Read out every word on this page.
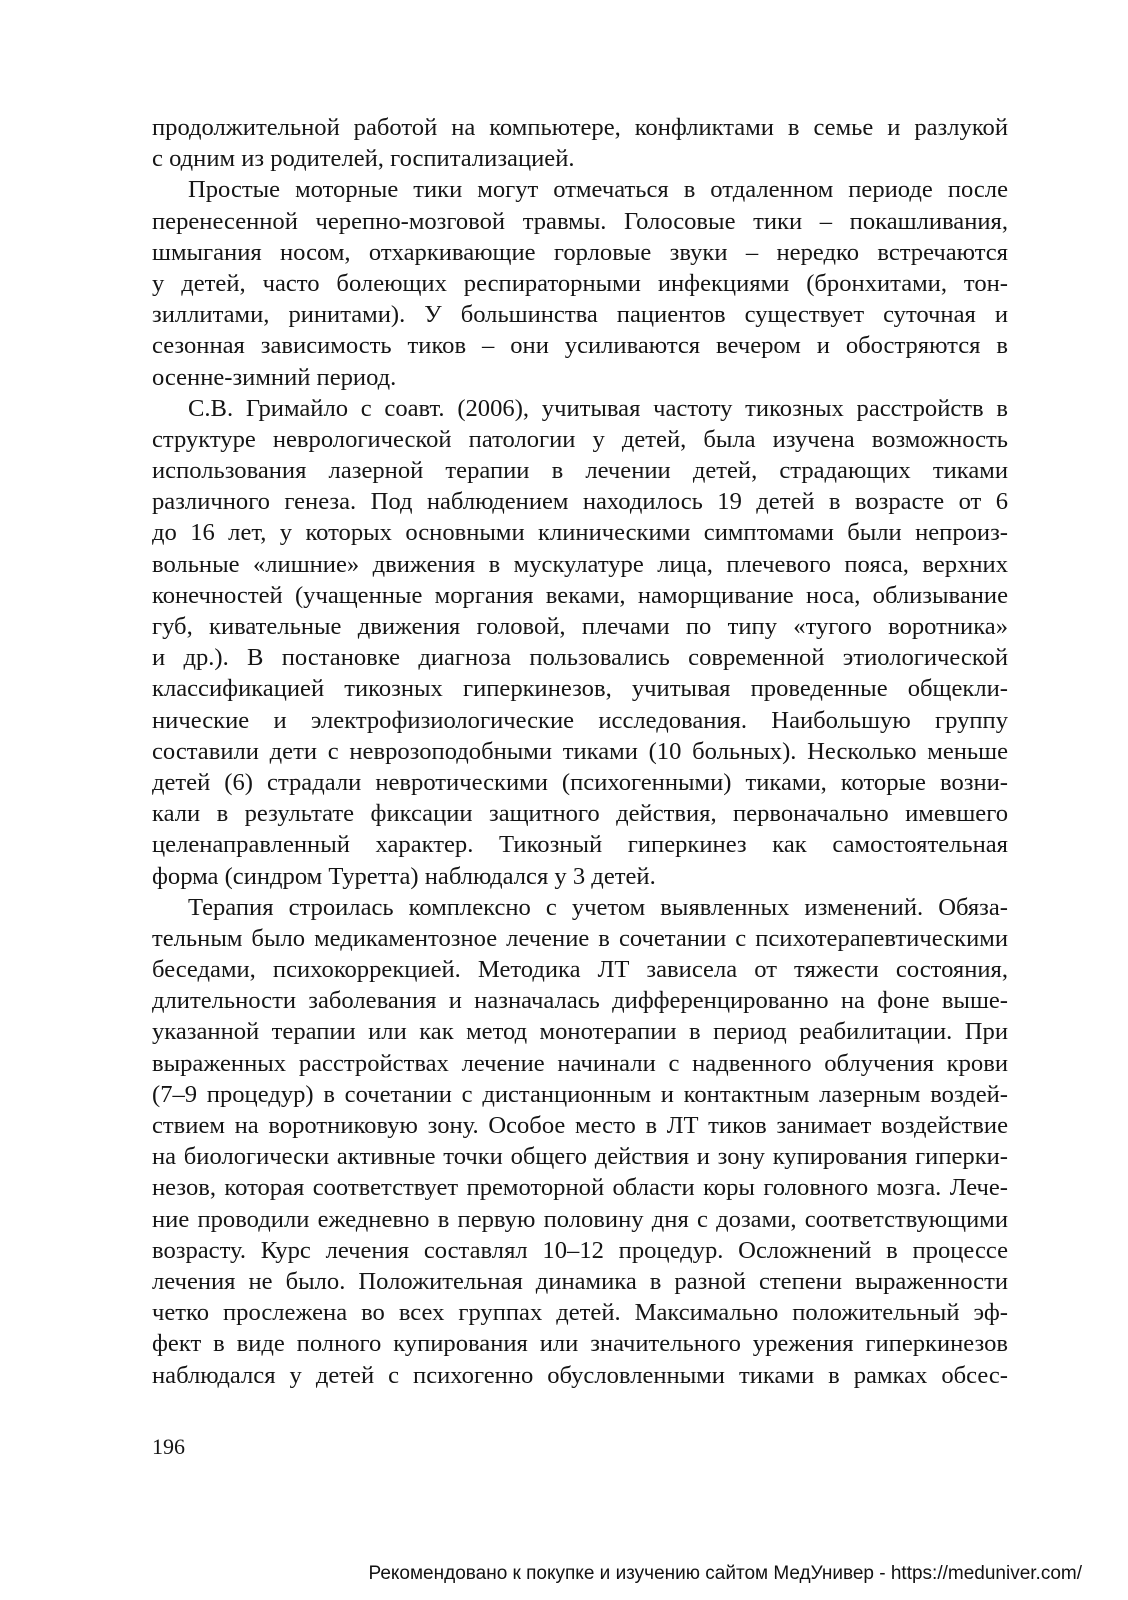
продолжительной работой на компьютере, конфликтами в семье и разлукой
с одним из родителей, госпитализацией.
Простые моторные тики могут отмечаться в отдаленном периоде после
перенесенной черепно-мозговой травмы. Голосовые тики – покашливания,
шмыгания носом, отхаркивающие горловые звуки – нередко встречаются
у детей, часто болеющих респираторными инфекциями (бронхитами, тон-
зиллитами, ринитами). У большинства пациентов существует суточная и
сезонная зависимость тиков – они усиливаются вечером и обостряются в
осенне-зимний период.
С.В. Гримайло с соавт. (2006), учитывая частоту тикозных расстройств в
структуре неврологической патологии у детей, была изучена возможность
использования лазерной терапии в лечении детей, страдающих тиками
различного генеза. Под наблюдением находилось 19 детей в возрасте от 6
до 16 лет, у которых основными клиническими симптомами были непроиз-
вольные «лишние» движения в мускулатуре лица, плечевого пояса, верхних
конечностей (учащенные моргания веками, наморщивание носа, облизывание
губ, кивательные движения головой, плечами по типу «тугого воротника»
и др.). В постановке диагноза пользовались современной этиологической
классификацией тикозных гиперкинезов, учитывая проведенные общекли-
нические и электрофизиологические исследования. Наибольшую группу
составили дети с неврозоподобными тиками (10 больных). Несколько меньше
детей (6) страдали невротическими (психогенными) тиками, которые возни-
кали в результате фиксации защитного действия, первоначально имевшего
целенаправленный характер. Тикозный гиперкинез как самостоятельная
форма (синдром Туретта) наблюдался у 3 детей.
Терапия строилась комплексно с учетом выявленных изменений. Обяза-
тельным было медикаментозное лечение в сочетании с психотерапевтическими
беседами, психокоррекцией. Методика ЛТ зависела от тяжести состояния,
длительности заболевания и назначалась дифференцированно на фоне выше-
указанной терапии или как метод монотерапии в период реабилитации. При
выраженных расстройствах лечение начинали с надвенного облучения крови
(7–9 процедур) в сочетании с дистанционным и контактным лазерным воздей-
ствием на воротниковую зону. Особое место в ЛТ тиков занимает воздействие
на биологически активные точки общего действия и зону купирования гиперки-
незов, которая соответствует премоторной области коры головного мозга. Лече-
ние проводили ежедневно в первую половину дня с дозами, соответствующими
возрасту. Курс лечения составлял 10–12 процедур. Осложнений в процессе
лечения не было. Положительная динамика в разной степени выраженности
четко прослежена во всех группах детей. Максимально положительный эф-
фект в виде полного купирования или значительного урежения гиперкинезов
наблюдался у детей с психогенно обусловленными тиками в рамках обсес-
196
Рекомендовано к покупке и изучению сайтом МедУнивер - https://meduniver.com/
